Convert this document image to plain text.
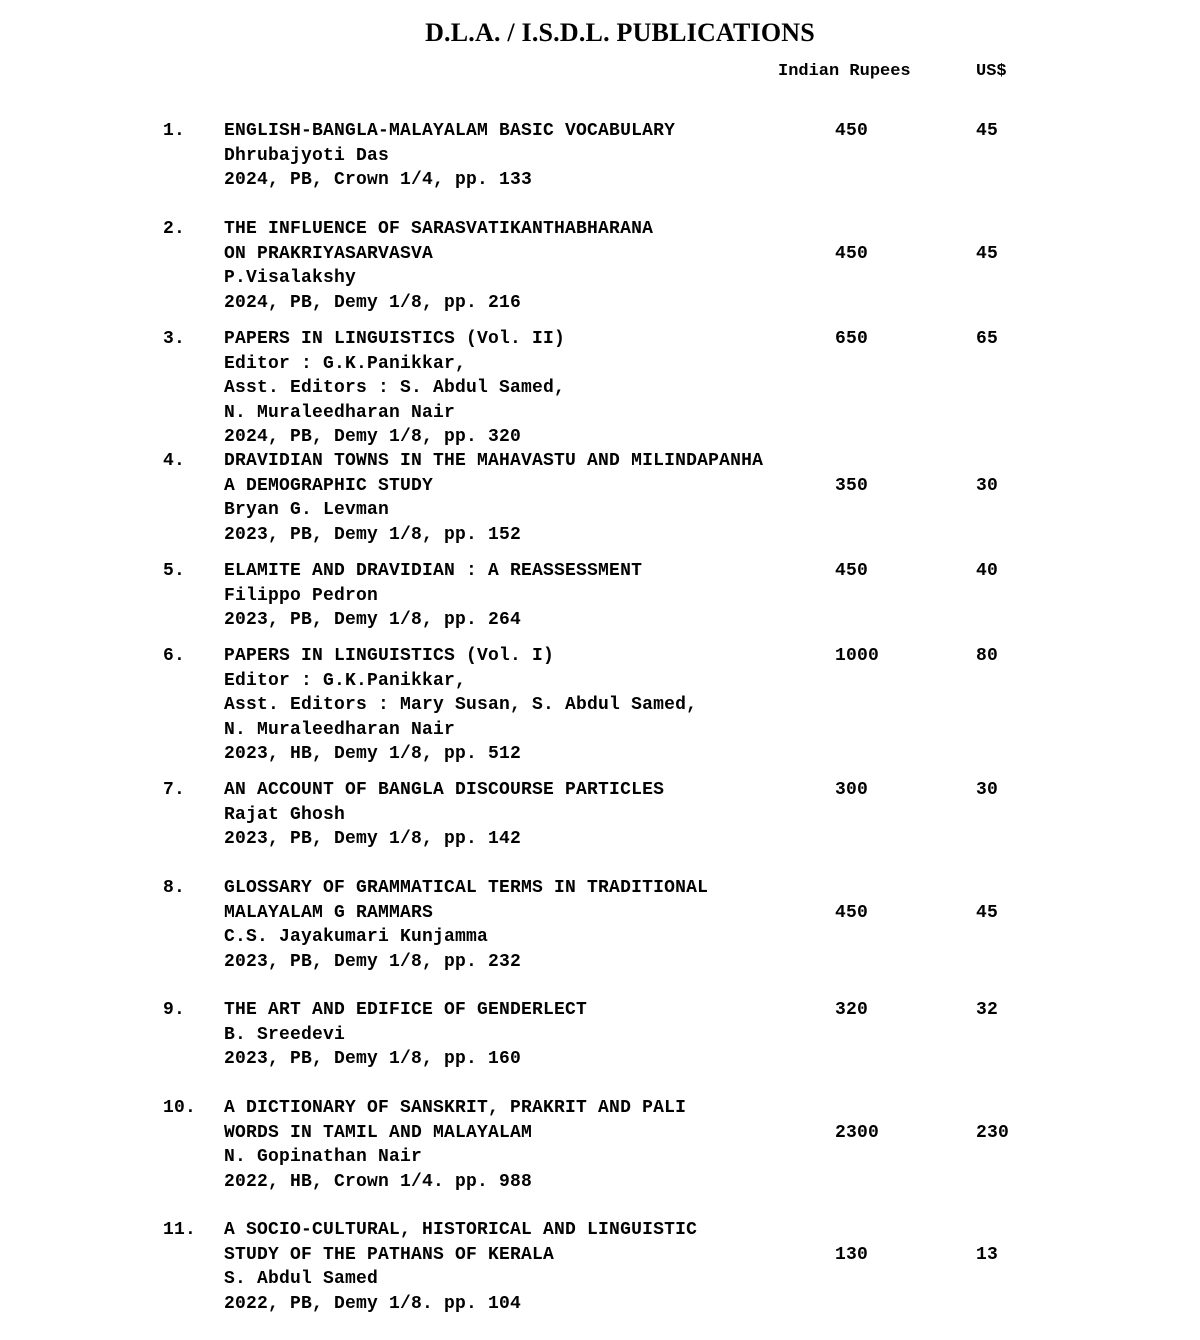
D.L.A. / I.S.D.L. PUBLICATIONS
Indian Rupees	US$
1. ENGLISH-BANGLA-MALAYALAM BASIC VOCABULARY
Dhrubajyoti Das
2024, PB, Crown 1/4, pp. 133
450	45
2. THE INFLUENCE OF SARASVATIKANTHABHARANA
ON PRAKRIYASARVASVA
P.Visalakshy
2024, PB, Demy 1/8, pp. 216
450	45
3. PAPERS IN LINGUISTICS (Vol. II)
Editor : G.K.Panikkar,
Asst. Editors : S. Abdul Samed,
N. Muraleedharan Nair
2024, PB, Demy 1/8, pp. 320
650	65
4. DRAVIDIAN TOWNS IN THE MAHAVASTU AND MILINDAPANHA
A DEMOGRAPHIC STUDY
Bryan G. Levman
2023, PB, Demy 1/8, pp. 152
350	30
5. ELAMITE AND DRAVIDIAN : A REASSESSMENT
Filippo Pedron
2023, PB, Demy 1/8, pp. 264
450	40
6. PAPERS IN LINGUISTICS (Vol. I)
Editor : G.K.Panikkar,
Asst. Editors : Mary Susan, S. Abdul Samed,
N. Muraleedharan Nair
2023, HB, Demy 1/8, pp. 512
1000	80
7. AN ACCOUNT OF BANGLA DISCOURSE PARTICLES
Rajat Ghosh
2023, PB, Demy 1/8, pp. 142
300	30
8. GLOSSARY OF GRAMMATICAL TERMS IN TRADITIONAL
MALAYALAM G RAMMARS
C.S. Jayakumari Kunjamma
2023, PB, Demy 1/8, pp. 232
450	45
9. THE ART AND EDIFICE OF GENDERLECT
B. Sreedevi
2023, PB, Demy 1/8, pp. 160
320	32
10. A DICTIONARY OF SANSKRIT, PRAKRIT AND PALI
WORDS IN TAMIL AND MALAYALAM
N. Gopinathan Nair
2022, HB, Crown 1/4. pp. 988
2300	230
11. A SOCIO-CULTURAL, HISTORICAL AND LINGUISTIC
STUDY OF THE PATHANS OF KERALA
S. Abdul Samed
2022, PB, Demy 1/8. pp. 104
130	13
